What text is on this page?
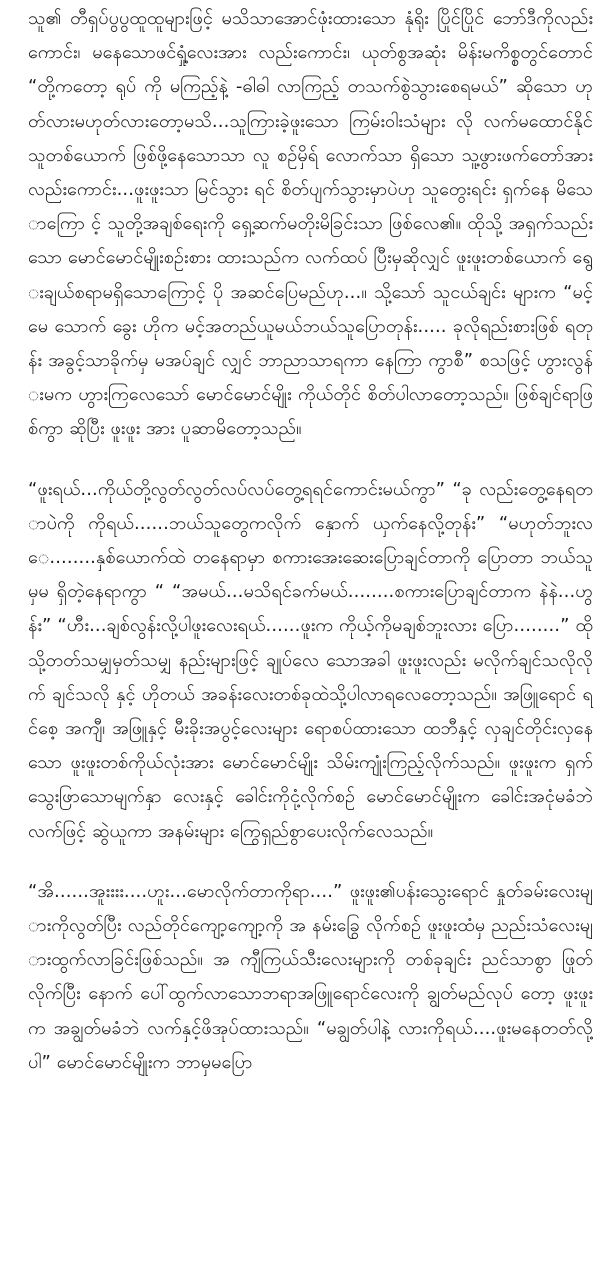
သူ၏ တီရှပ်ပွပွထူထူများဖြင့် မသိသာအောင်ဖုံးထားသော နုံရိုး ပြိုင်ပြိုင် ဘော်ဒီကိုလည်းကောင်း၊ မနေသောဖင်ရှုံ့လေးအား လည်းကောင်း၊ ယုတ်စွအဆုံး မိန်းမကိစ္စတွင်တောင် “တို့ကတော့ ရုပ် ကို မကြည့်နဲ့ -ဓါဓါ လာကြည့် တသက်စွဲသွားစေရမယ်” ဆိုသော ဟုတ်လားမဟုတ်လားတော့မသိ...သူကြားခဲ့ဖူးသော ကြမ်းဝါးသံများ လို လက်မထောင်နိုင်သူတစ်ယောက် ဖြစ်ဖို့နေသောသာ လူ စဉ်မှိရ် လောက်သာ ရှိသော သူ့ဖွားဖက်တော်အားလည်းကောင်း...ဖူးဖူးသာ မြင်သွား ရင် စိတ်ပျက်သွားမှာပဲဟု သူတွေးရင်း ရှက်နေ မိသောကြော င့် သူတို့အချစ်ရေးကို ရှေ့ဆက်မတိုးမိခြင်းသာ ဖြစ်လေ၏။ ထိုသို့ အရှက်သည်းသော မောင်မောင်မျိုးစဉ်းစား ထားသည်က လက်ထပ် ပြီးမှဆိုလျှင် ဖူးဖူးတစ်ယောက် ရွေးချယ်စရာမရှိသောကြောင့် ပို အဆင်ပြေမည်ဟု...။ သို့သော် သူငယ်ချင်း များက “မင့်မေ သောက် ခွေး ဟိုက မင့်အတည်ယူမယ်ဘယ်သူပြောတုန်း..... ခုလိုရည်းစားဖြစ် ရတုန်း အခွင့်သာခိုက်မှ မအပ်ချင် လျှင် ဘာညာသာရကာ နေကြာ ကွာစီ” စသဖြင့် ဟွားလွန်းမက ဟွားကြလေသော် မောင်မောင်မျိုး ကိုယ်တိုင် စိတ်ပါလာတော့သည်။ ဖြစ်ချင်ရာဖြစ်ကွာ ဆိုပြီး ဖူးဖူး အား ပူဆာမိတော့သည်။

“ဖူးရယ်...ကိုယ်တို့လွတ်လွတ်လပ်လပ်တွေ့ရရင်ကောင်းမယ်ကွာ” “ခု လည်းတွေ့နေရတာပဲကို ကိုရယ်......ဘယ်သူတွေကလိုက် နှောက် ယှက်နေလို့တုန်း” “မဟုတ်ဘူးလေ........နှစ်ယောက်ထဲ တနေရာမှာ စကားအေးဆေးပြောချင်တာကို ပြောတာ ဘယ်သူမှမ ရှိတဲ့နေရာကွာ “ “အမယ်...မသိရင်ခက်မယ်........စကားပြောချင်တာက နဲနဲ...ဟွန်း” “ဟီး...ချစ်လွန်းလို့ပါဖူးလေးရယ်......ဖူးက ကိုယ့်ကိုမချစ်ဘူးလား ပြော........” ထိုသို့တတ်သမျှမှတ်သမျှ နည်းများဖြင့် ချုပ်လေ သောအခါ ဖူးဖူးလည်း မလိုက်ချင်သလိုလိုက် ချင်သလို နှင့် ဟိုတယ် အခန်းလေးတစ်ခုထဲသို့ပါလာရလေတော့သည်။ အဖြူရောင် ရင်စေ့ အကျီ၊ အဖြူနှင့် မီးခိုးအပွင့်လေးများ ရောစပ်ထားသော ထဘီနှင့် လှချင်တိုင်းလှနေသော ဖူးဖူးတစ်ကိုယ်လုံးအား မောင်မောင်မျိုး သိမ်းကျုံးကြည့်လိုက်သည်။ ဖူးဖူးက ရှက်သွေးဖြာသောမျက်နှာ လေးနှင့် ခေါင်းကိုငုံ့လိုက်စဉ် မောင်မောင်မျိုးက ခေါင်းအငုံမခံဘဲ လက်ဖြင့် ဆွဲယူကာ အနမ်းများ ကြွေရှည်စွာပေးလိုက်လေသည်။

“အိ......အူးးးး....ဟူး...မောလိုက်တာကိုရာ....” ဖူးဖူး၏ပန်းသွေးရောင် နှုတ်ခမ်းလေးများကိုလွတ်ပြီး လည်တိုင်ကျော့ကျော့ကို အ နမ်းခြွေ လိုက်စဉ် ဖူးဖူးထံမှ ညည်းသံလေးများထွက်လာခြင်းဖြစ်သည်။ အ ကျီကြယ်သီးလေးများကို တစ်ခုချင်း ညင်သာစွာ ဖြုတ် လိုက်ပြီး နောက် ပေါ်ထွက်လာသောဘရာအဖြူရောင်လေးကို ချွတ်မည်လုပ် တော့ ဖူးဖူးက အချွတ်မခံဘဲ လက်နှင့်ဖိအုပ်ထားသည်။ “မချွတ်ပါနဲ့ လားကိုရယ်....ဖူးမနေတတ်လို့ပါ” မောင်မောင်မျိုးက ဘာမှမပြော
